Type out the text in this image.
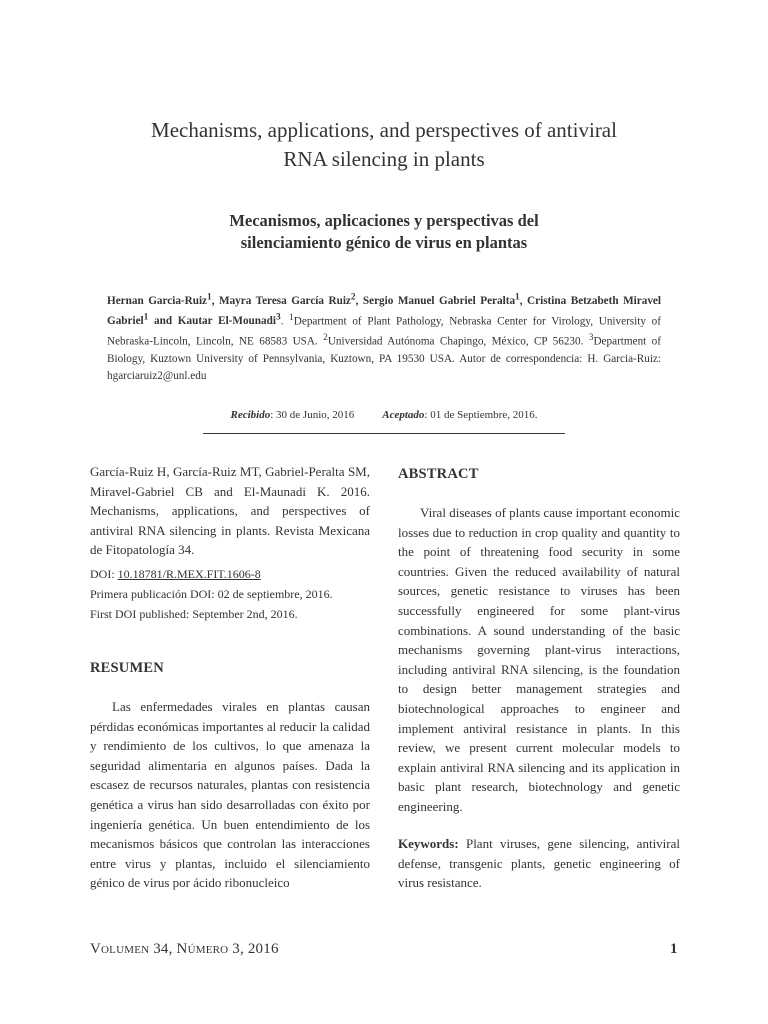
Mechanisms, applications, and perspectives of antiviral
RNA silencing in plants
Mecanismos, aplicaciones y perspectivas del
silenciamiento génico de virus en plantas
Hernan Garcia-Ruiz$^1$, Mayra Teresa García Ruiz$^2$, Sergio Manuel Gabriel Peralta$^1$, Cristina Betzabeth Miravel Gabriel$^1$ and Kautar El-Mounadi$^3$. $^1$Department of Plant Pathology, Nebraska Center for Virology, University of Nebraska-Lincoln, Lincoln, NE 68583 USA. $^2$Universidad Autónoma Chapingo, México, CP 56230. $^3$Department of Biology, Kuztown University of Pennsylvania, Kuztown, PA 19530 USA. Autor de correspondencia: H. Garcia-Ruiz: hgarciaruiz2@unl.edu
Recibido: 30 de Junio, 2016	Aceptado: 01 de Septiembre, 2016.
García-Ruiz H, García-Ruiz MT, Gabriel-Peralta SM, Miravel-Gabriel CB and El-Maunadi K. 2016. Mechanisms, applications, and perspectives of antiviral RNA silencing in plants. Revista Mexicana de Fitopatología 34.
DOI: 10.18781/R.MEX.FIT.1606-8
Primera publicación DOI: 02 de septiembre, 2016.
First DOI published: September 2nd, 2016.
RESUMEN
Las enfermedades virales en plantas causan pérdidas económicas importantes al reducir la calidad y rendimiento de los cultivos, lo que amenaza la seguridad alimentaria en algunos países. Dada la escasez de recursos naturales, plantas con resistencia genética a virus han sido desarrolladas con éxito por ingeniería genética. Un buen entendimiento de los mecanismos básicos que controlan las interacciones entre virus y plantas, incluido el silenciamiento génico de virus por ácido ribonucleico
ABSTRACT
Viral diseases of plants cause important economic losses due to reduction in crop quality and quantity to the point of threatening food security in some countries. Given the reduced availability of natural sources, genetic resistance to viruses has been successfully engineered for some plant-virus combinations. A sound understanding of the basic mechanisms governing plant-virus interactions, including antiviral RNA silencing, is the foundation to design better management strategies and biotechnological approaches to engineer and implement antiviral resistance in plants. In this review, we present current molecular models to explain antiviral RNA silencing and its application in basic plant research, biotechnology and genetic engineering.
Keywords: Plant viruses, gene silencing, antiviral defense, transgenic plants, genetic engineering of virus resistance.
Volumen 34, Número 3, 2016	1
